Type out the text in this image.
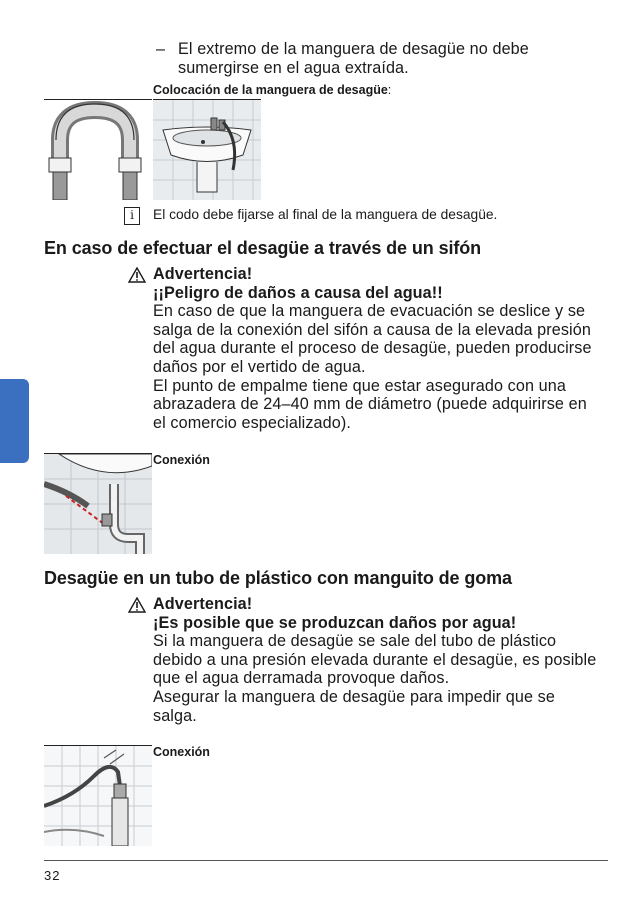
– El extremo de la manguera de desagüe no debe sumergirse en el agua extraída.
Colocación de la manguera de desagüe:
i	El codo debe fijarse al final de la manguera de desagüe.
En caso de efectuar el desagüe a través de un sifón
Advertencia!
¡¡Peligro de daños a causa del agua!!
En caso de que la manguera de evacuación se deslice y se salga de la conexión del sifón a causa de la elevada presión del agua durante el proceso de desagüe, pueden producirse daños por el vertido de agua.
El punto de empalme tiene que estar asegurado con una abrazadera de 24–40 mm de diámetro (puede adquirirse en el comercio especializado).
Conexión
Desagüe en un tubo de plástico con manguito de goma
Advertencia!
¡Es posible que se produzcan daños por agua!
Si la manguera de desagüe se sale del tubo de plástico debido a una presión elevada durante el desagüe, es posible que el agua derramada provoque daños.
Asegurar la manguera de desagüe para impedir que se salga.
Conexión
32
